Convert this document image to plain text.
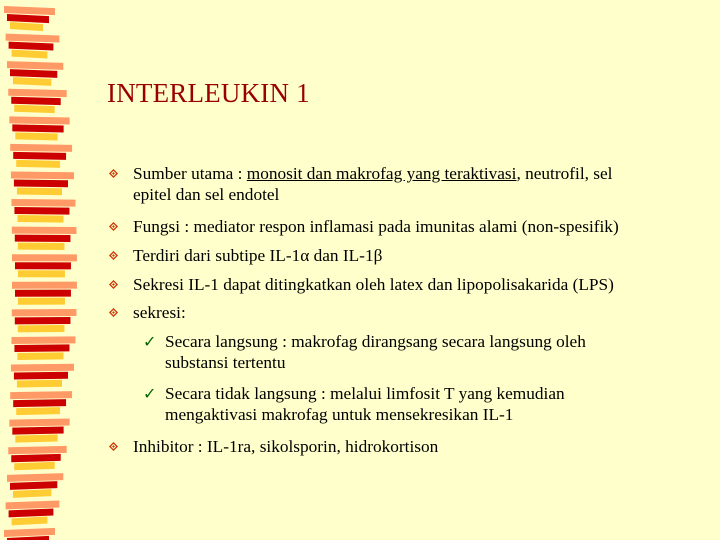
INTERLEUKIN 1
Sumber utama : monosit dan makrofag yang teraktivasi, neutrofil, sel
epitel dan sel endotel
Fungsi : mediator respon inflamasi pada imunitas alami (non-spesifik)
Terdiri dari subtipe IL-1α dan IL-1β
Sekresi IL-1 dapat ditingkatkan oleh latex dan lipopolisakarida (LPS)
sekresi:
✓ Secara langsung : makrofag dirangsang secara langsung oleh
substansi tertentu
✓ Secara tidak langsung : melalui limfosit T yang kemudian
mengaktivasi makrofag untuk mensekresikan IL-1
Inhibitor : IL-1ra, sikolsporin, hidrokortison
